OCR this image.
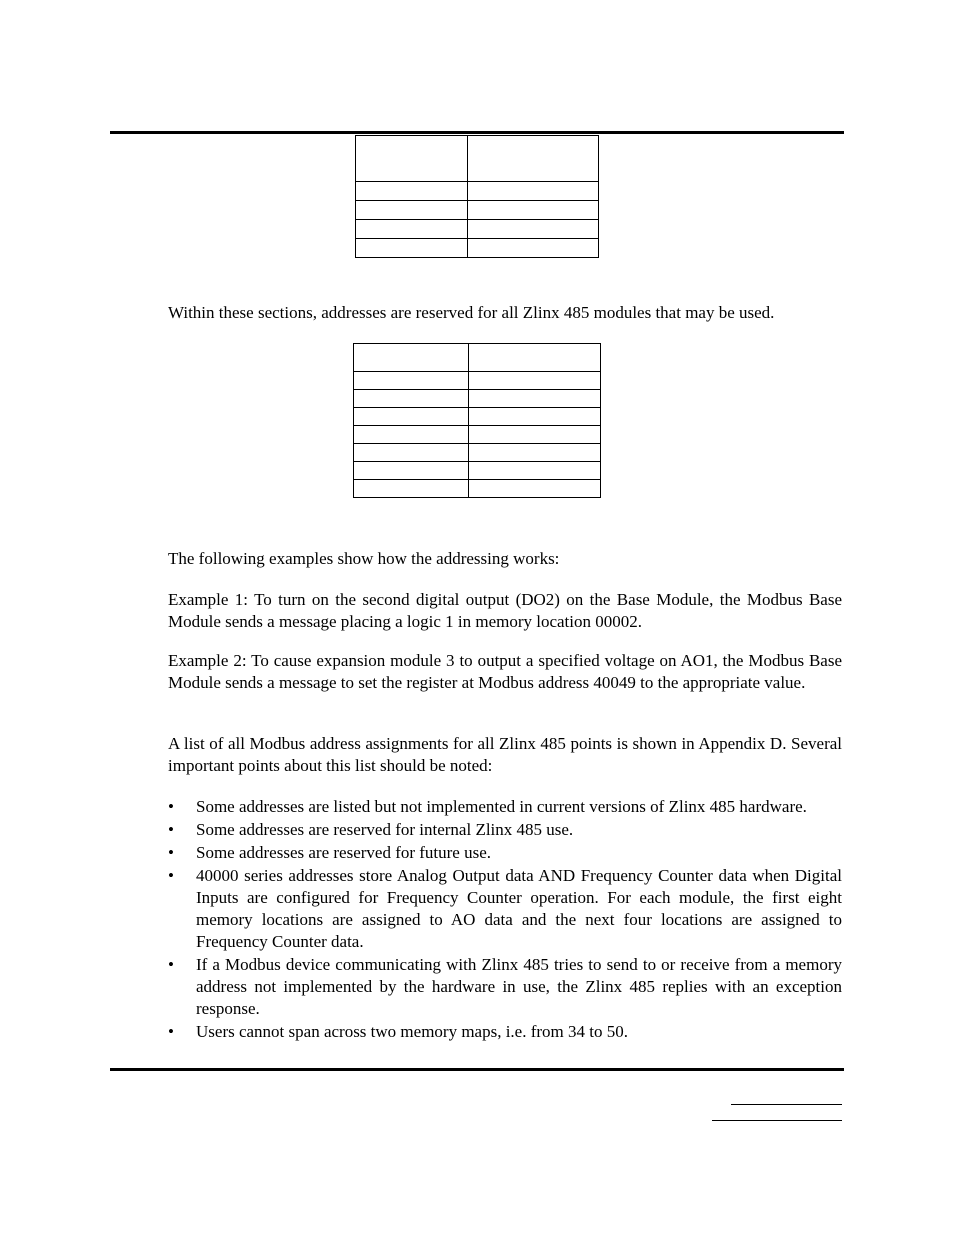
Within these sections, addresses are reserved for all Zlinx 485 modules that may be used.

The following examples show how the addressing works:

Example 1: To turn on the second digital output (DO2) on the Base Module, the Modbus Base Module sends a message placing a logic 1 in memory location 00002.

Example 2: To cause expansion module 3 to output a specified voltage on AO1, the Modbus Base Module sends a message to set the register at Modbus address 40049 to the appropriate value.

A list of all Modbus address assignments for all Zlinx 485 points is shown in Appendix D. Several important points about this list should be noted:

• Some addresses are listed but not implemented in current versions of Zlinx 485 hardware.
• Some addresses are reserved for internal Zlinx 485 use.
• Some addresses are reserved for future use.
• 40000 series addresses store Analog Output data AND Frequency Counter data when Digital Inputs are configured for Frequency Counter operation. For each module, the first eight memory locations are assigned to AO data and the next four locations are assigned to Frequency Counter data.
• If a Modbus device communicating with Zlinx 485 tries to send to or receive from a memory address not implemented by the hardware in use, the Zlinx 485 replies with an exception response.
• Users cannot span across two memory maps, i.e. from 34 to 50.
